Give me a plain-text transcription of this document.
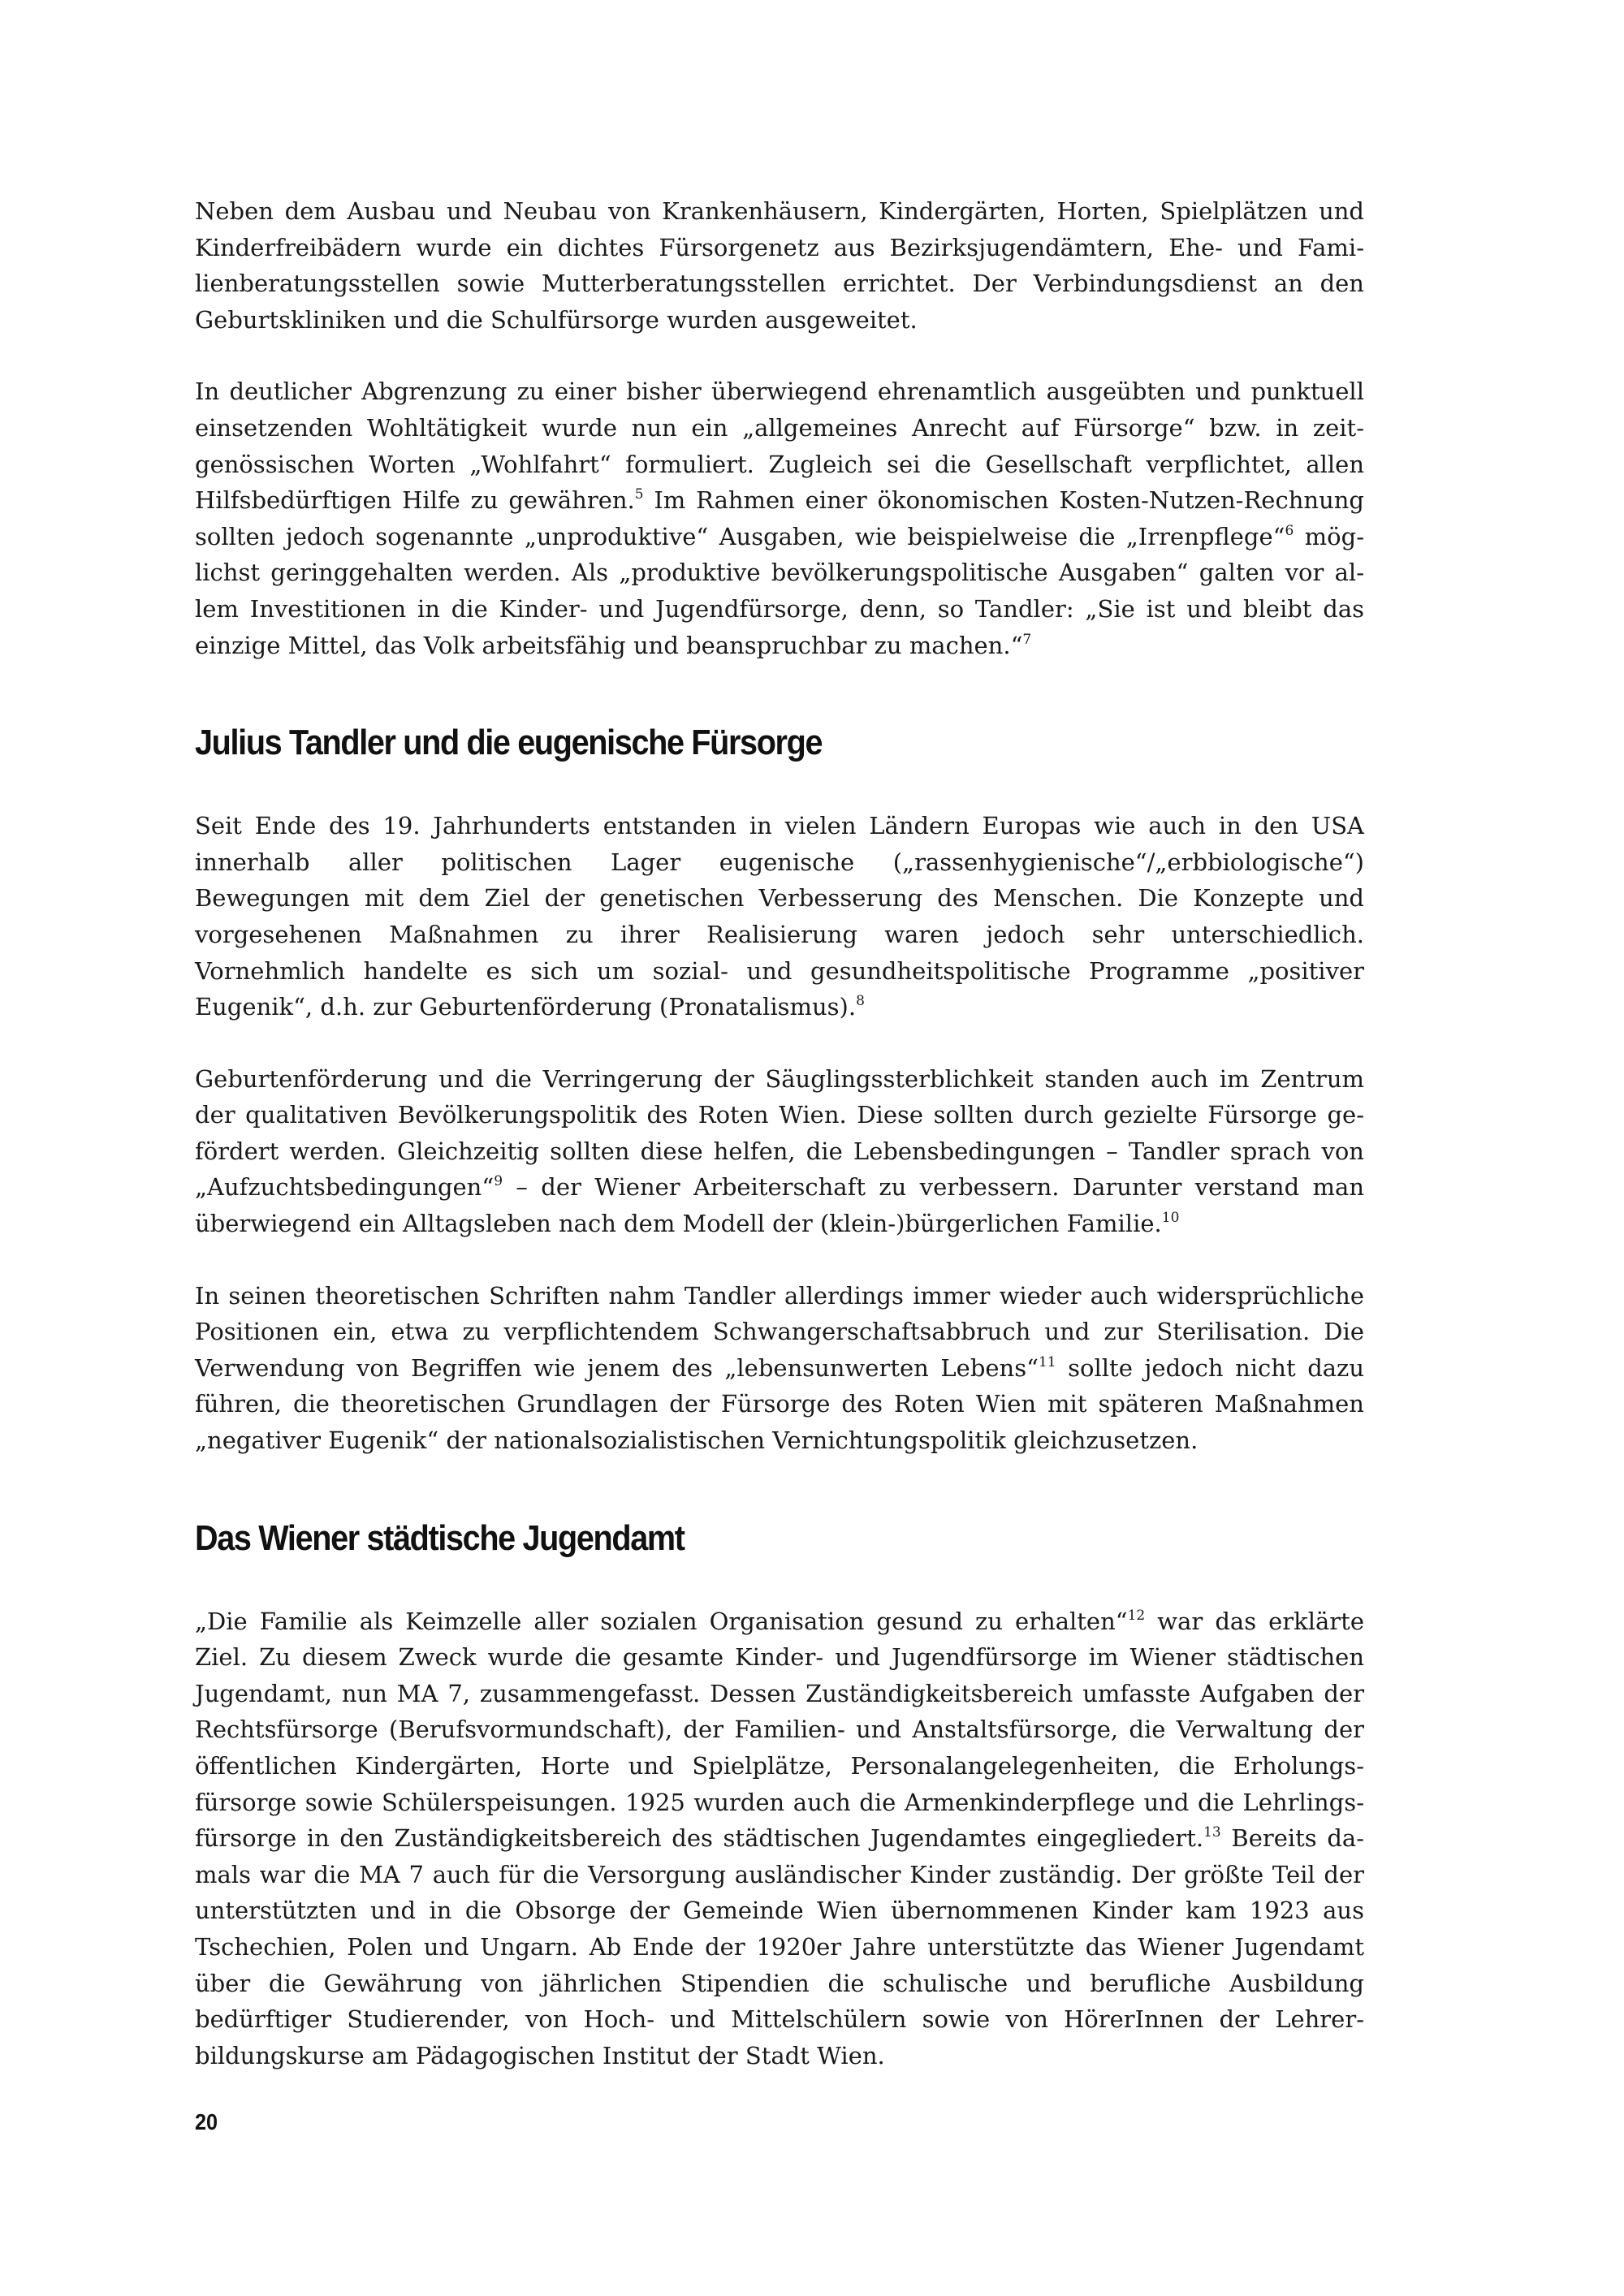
Neben dem Ausbau und Neubau von Krankenhäusern, Kindergärten, Horten, Spielplätzen und Kinderfreibädern wurde ein dichtes Fürsorgenetz aus Bezirksjugendämtern, Ehe- und Familienberatungsstellen sowie Mutterberatungsstellen errichtet. Der Verbindungsdienst an den Geburtskliniken und die Schulfürsorge wurden ausgeweitet.

In deutlicher Abgrenzung zu einer bisher überwiegend ehrenamtlich ausgeübten und punktuell einsetzenden Wohltätigkeit wurde nun ein „allgemeines Anrecht auf Fürsorge“ bzw. in zeitgenössischen Worten „Wohlfahrt“ formuliert. Zugleich sei die Gesellschaft verpflichtet, allen Hilfsbedürftigen Hilfe zu gewähren.$^5$ Im Rahmen einer ökonomischen Kosten-Nutzen-Rechnung sollten jedoch sogenannte „unproduktive“ Ausgaben, wie beispielweise die „Irrenpflege“$^6$ möglichst geringgehalten werden. Als „produktive bevölkerungspolitische Ausgaben“ galten vor allem Investitionen in die Kinder- und Jugendfürsorge, denn, so Tandler: „Sie ist und bleibt das einzige Mittel, das Volk arbeitsfähig und beanspruchbar zu machen.“$^7$

Julius Tandler und die eugenische Fürsorge

Seit Ende des 19. Jahrhunderts entstanden in vielen Ländern Europas wie auch in den USA innerhalb aller politischen Lager eugenische („rassenhygienische“/„erbbiologische“) Bewegungen mit dem Ziel der genetischen Verbesserung des Menschen. Die Konzepte und vorgesehenen Maßnahmen zu ihrer Realisierung waren jedoch sehr unterschiedlich. Vornehmlich handelte es sich um sozial- und gesundheitspolitische Programme „positiver Eugenik“, d.h. zur Geburtenförderung (Pronatalismus).$^8$

Geburtenförderung und die Verringerung der Säuglingssterblichkeit standen auch im Zentrum der qualitativen Bevölkerungspolitik des Roten Wien. Diese sollten durch gezielte Fürsorge gefördert werden. Gleichzeitig sollten diese helfen, die Lebensbedingungen – Tandler sprach von „Aufzuchtsbedingungen“$^9$ – der Wiener Arbeiterschaft zu verbessern. Darunter verstand man überwiegend ein Alltagsleben nach dem Modell der (klein-)bürgerlichen Familie.$^{10}$

In seinen theoretischen Schriften nahm Tandler allerdings immer wieder auch widersprüchliche Positionen ein, etwa zu verpflichtendem Schwangerschaftsabbruch und zur Sterilisation. Die Verwendung von Begriffen wie jenem des „lebensunwerten Lebens“$^{11}$ sollte jedoch nicht dazu führen, die theoretischen Grundlagen der Fürsorge des Roten Wien mit späteren Maßnahmen „negativer Eugenik“ der nationalsozialistischen Vernichtungspolitik gleichzusetzen.

Das Wiener städtische Jugendamt

„Die Familie als Keimzelle aller sozialen Organisation gesund zu erhalten“$^{12}$ war das erklärte Ziel. Zu diesem Zweck wurde die gesamte Kinder- und Jugendfürsorge im Wiener städtischen Jugendamt, nun MA 7, zusammengefasst. Dessen Zuständigkeitsbereich umfasste Aufgaben der Rechtsfürsorge (Berufsvormundschaft), der Familien- und Anstaltsfürsorge, die Verwaltung der öffentlichen Kindergärten, Horte und Spielplätze, Personalangelegenheiten, die Erholungsfürsorge sowie Schülerspeisungen. 1925 wurden auch die Armenkinderpflege und die Lehrlingsfürsorge in den Zuständigkeitsbereich des städtischen Jugendamtes eingegliedert.$^{13}$ Bereits damals war die MA 7 auch für die Versorgung ausländischer Kinder zuständig. Der größte Teil der unterstützten und in die Obsorge der Gemeinde Wien übernommenen Kinder kam 1923 aus Tschechien, Polen und Ungarn. Ab Ende der 1920er Jahre unterstützte das Wiener Jugendamt über die Gewährung von jährlichen Stipendien die schulische und berufliche Ausbildung bedürftiger Studierender, von Hoch- und Mittelschülern sowie von HörerInnen der Lehrerbildungskurse am Pädagogischen Institut der Stadt Wien.

20
